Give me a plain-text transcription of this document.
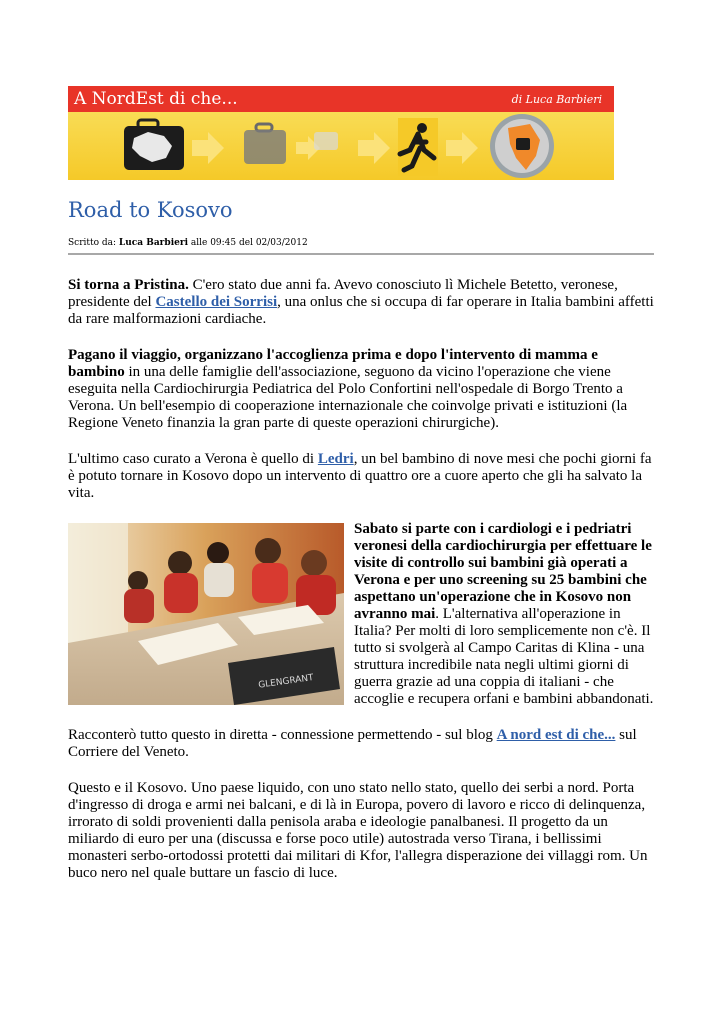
A NordEst di che...	di Luca Barbieri
Road to Kosovo
Scritto da: Luca Barbieri alle 09:45 del 02/03/2012

Si torna a Pristina. C'ero stato due anni fa. Avevo conosciuto lì Michele Betetto, veronese, presidente del Castello dei Sorrisi, una onlus che si occupa di far operare in Italia bambini affetti da rare malformazioni cardiache.

Pagano il viaggio, organizzano l'accoglienza prima e dopo l'intervento di mamma e bambino in una delle famiglie dell'associazione, seguono da vicino l'operazione che viene eseguita nella Cardiochirurgia Pediatrica del Polo Confortini nell'ospedale di Borgo Trento a Verona. Un bell'esempio di cooperazione internazionale che coinvolge privati e istituzioni (la Regione Veneto finanzia la gran parte di queste operazioni chirurgiche).

L'ultimo caso curato a Verona è quello di Ledri, un bel bambino di nove mesi che pochi giorni fa è potuto tornare in Kosovo dopo un intervento di quattro ore a cuore aperto che gli ha salvato la vita.

GLENGRANT
Sabato si parte con i cardiologi e i pedriatri veronesi della cardiochirurgia per effettuare le visite di controllo sui bambini già operati a Verona e per uno screening su 25 bambini che aspettano un'operazione che in Kosovo non avranno mai. L'alternativa all'operazione in Italia? Per molti di loro semplicemente non c'è. Il tutto si svolgerà al Campo Caritas di Klina - una struttura incredibile nata negli ultimi giorni di guerra grazie ad una coppia di italiani - che accoglie e recupera orfani e bambini abbandonati.

Racconterò tutto questo in diretta - connessione permettendo - sul blog A nord est di che... sul Corriere del Veneto.

Questo e il Kosovo. Uno paese liquido, con uno stato nello stato, quello dei serbi a nord. Porta d'ingresso di droga e armi nei balcani, e di là in Europa, povero di lavoro e ricco di delinquenza, irrorato di soldi provenienti dalla penisola araba e ideologie panalbanesi. Il progetto da un miliardo di euro per una (discussa e forse poco utile) autostrada verso Tirana, i bellissimi monasteri serbo-ortodossi protetti dai militari di Kfor, l'allegra disperazione dei villaggi rom. Un buco nero nel quale buttare un fascio di luce.
